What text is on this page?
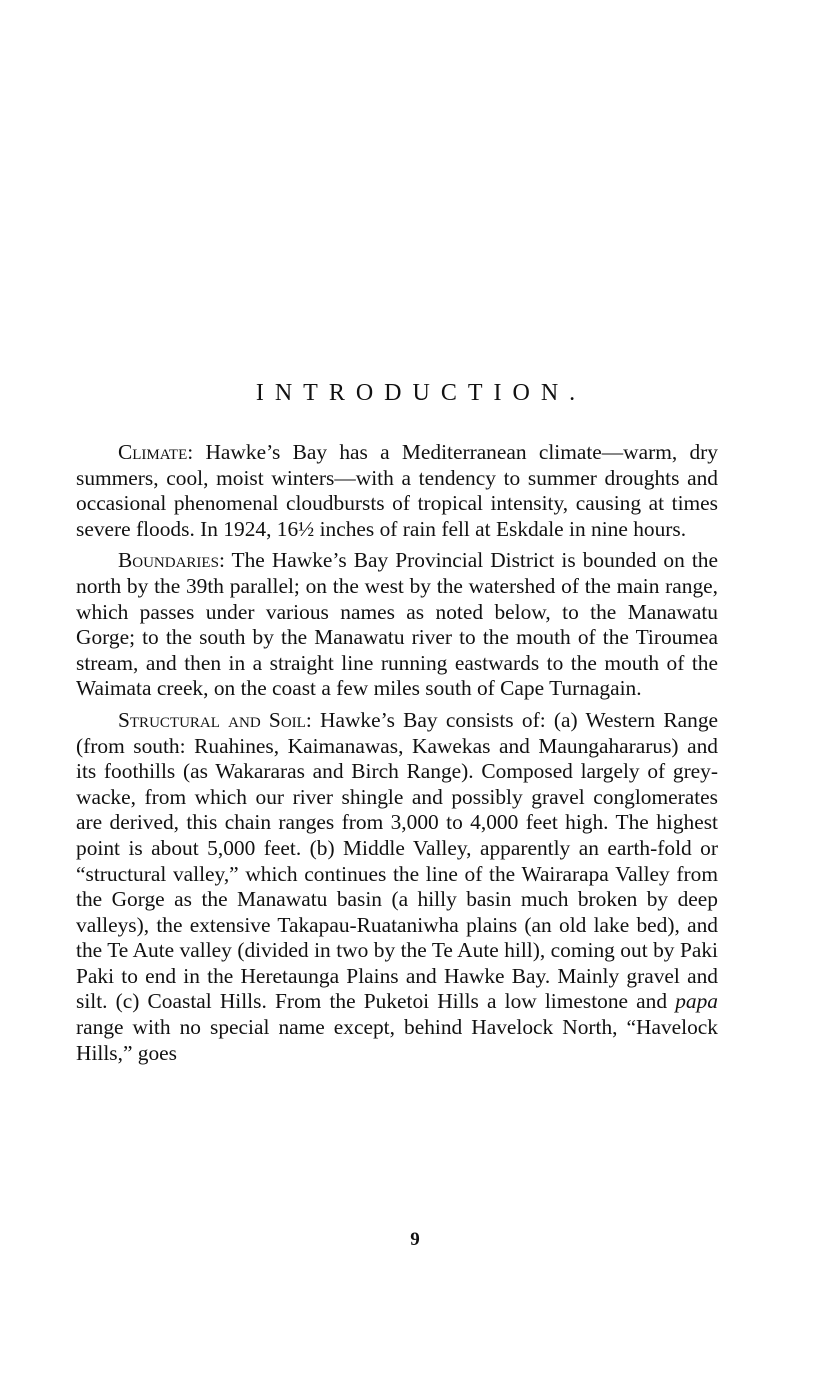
INTRODUCTION.

Climate: Hawke’s Bay has a Mediterranean climate—warm, dry summers, cool, moist winters—with a tendency to summer droughts and occasional phenomenal cloudbursts of tropical intensity, causing at times severe floods. In 1924, 16½ inches of rain fell at Eskdale in nine hours.

Boundaries: The Hawke’s Bay Provincial District is bounded on the north by the 39th parallel; on the west by the watershed of the main range, which passes under various names as noted below, to the Manawatu Gorge; to the south by the Manawatu river to the mouth of the Tiroumea stream, and then in a straight line running eastwards to the mouth of the Waimata creek, on the coast a few miles south of Cape Turnagain.

Structural and Soil: Hawke’s Bay consists of: (a) Western Range (from south: Ruahines, Kaimanawas, Kawekas and Maungahararus) and its foothills (as Wakararas and Birch Range). Composed largely of grey-wacke, from which our river shingle and possibly gravel conglomerates are derived, this chain ranges from 3,000 to 4,000 feet high. The highest point is about 5,000 feet. (b) Middle Valley, apparently an earth-fold or “structural valley,” which continues the line of the Wairarapa Valley from the Gorge as the Manawatu basin (a hilly basin much broken by deep valleys), the extensive Takapau-Ruataniwha plains (an old lake bed), and the Te Aute valley (divided in two by the Te Aute hill), coming out by Paki Paki to end in the Heretaunga Plains and Hawke Bay. Mainly gravel and silt. (c) Coastal Hills. From the Puketoi Hills a low limestone and papa range with no special name except, behind Havelock North, “Havelock Hills,” goes

9
